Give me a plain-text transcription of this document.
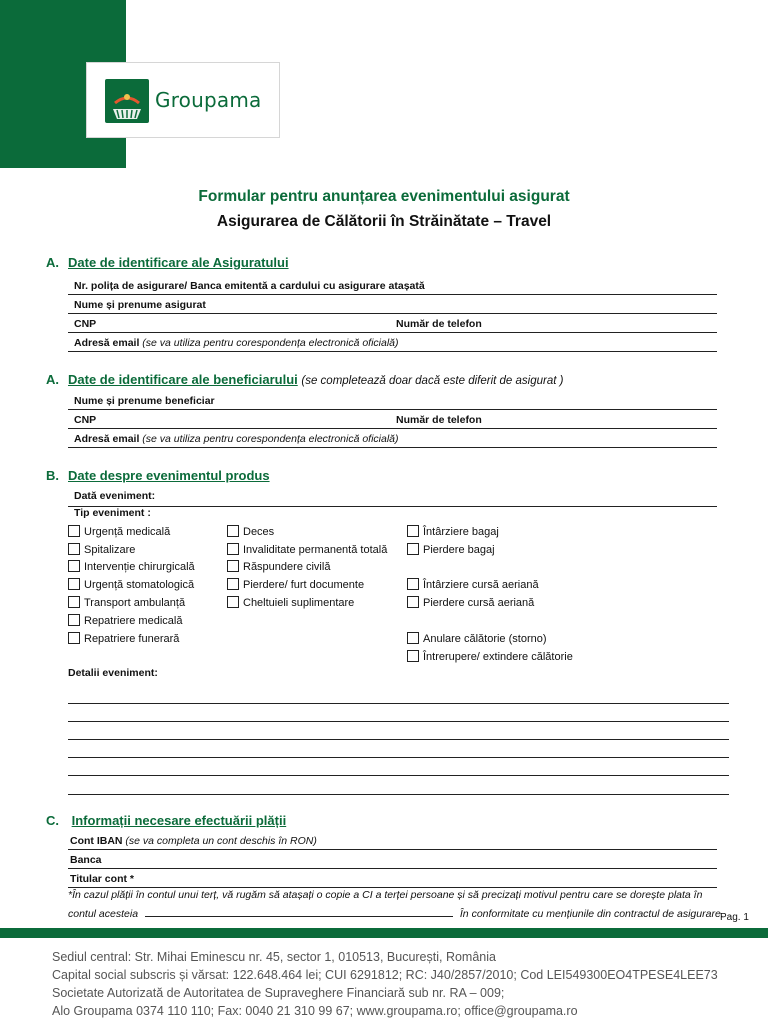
Groupama
Formular pentru anunțarea evenimentului asigurat
Asigurarea de Călătorii în Străinătate – Travel
A. Date de identificare ale Asiguratului
Nr. polița de asigurare/ Banca emitentă a cardului cu asigurare atașată
Nume și prenume asigurat
CNP	Număr de telefon
Adresă email (se va utiliza pentru corespondența electronică oficială)
A. Date de identificare ale beneficiarului (se completează doar dacă este diferit de asigurat )
Nume și prenume beneficiar
CNP	Număr de telefon
Adresă email (se va utiliza pentru corespondența electronică oficială)
B. Date despre evenimentul produs
Dată eveniment:
Tip eveniment :
Urgență medicală
Spitalizare
Intervenție chirurgicală
Urgență stomatologică
Transport ambulanță
Repatriere medicală
Repatriere funerară
Deces
Invaliditate permanentă totală
Răspundere civilă
Pierdere/ furt documente
Cheltuieli suplimentare
Întârziere bagaj
Pierdere bagaj
Întârziere cursă aeriană
Pierdere cursă aeriană
Anulare călătorie (storno)
Întrerupere/ extindere călătorie
Detalii eveniment:
C. Informații necesare efectuării plății
Cont IBAN (se va completa un cont deschis în RON)
Banca
Titular cont *
*În cazul plății în contul unui terț, vă rugăm să atașați o copie a CI a terței persoane și să precizați motivul pentru care se dorește plata în
contul acesteia	În conformitate cu mențiunile din contractul de asigurare.
Pag. 1
Sediul central: Str. Mihai Eminescu nr. 45, sector 1, 010513, București, România
Capital social subscris și vărsat: 122.648.464 lei; CUI 6291812; RC: J40/2857/2010; Cod LEI549300EO4TPESE4LEE73
Societate Autorizată de Autoritatea de Supraveghere Financiară sub nr. RA – 009;
Alo Groupama 0374 110 110; Fax: 0040 21 310 99 67; www.groupama.ro; office@groupama.ro
